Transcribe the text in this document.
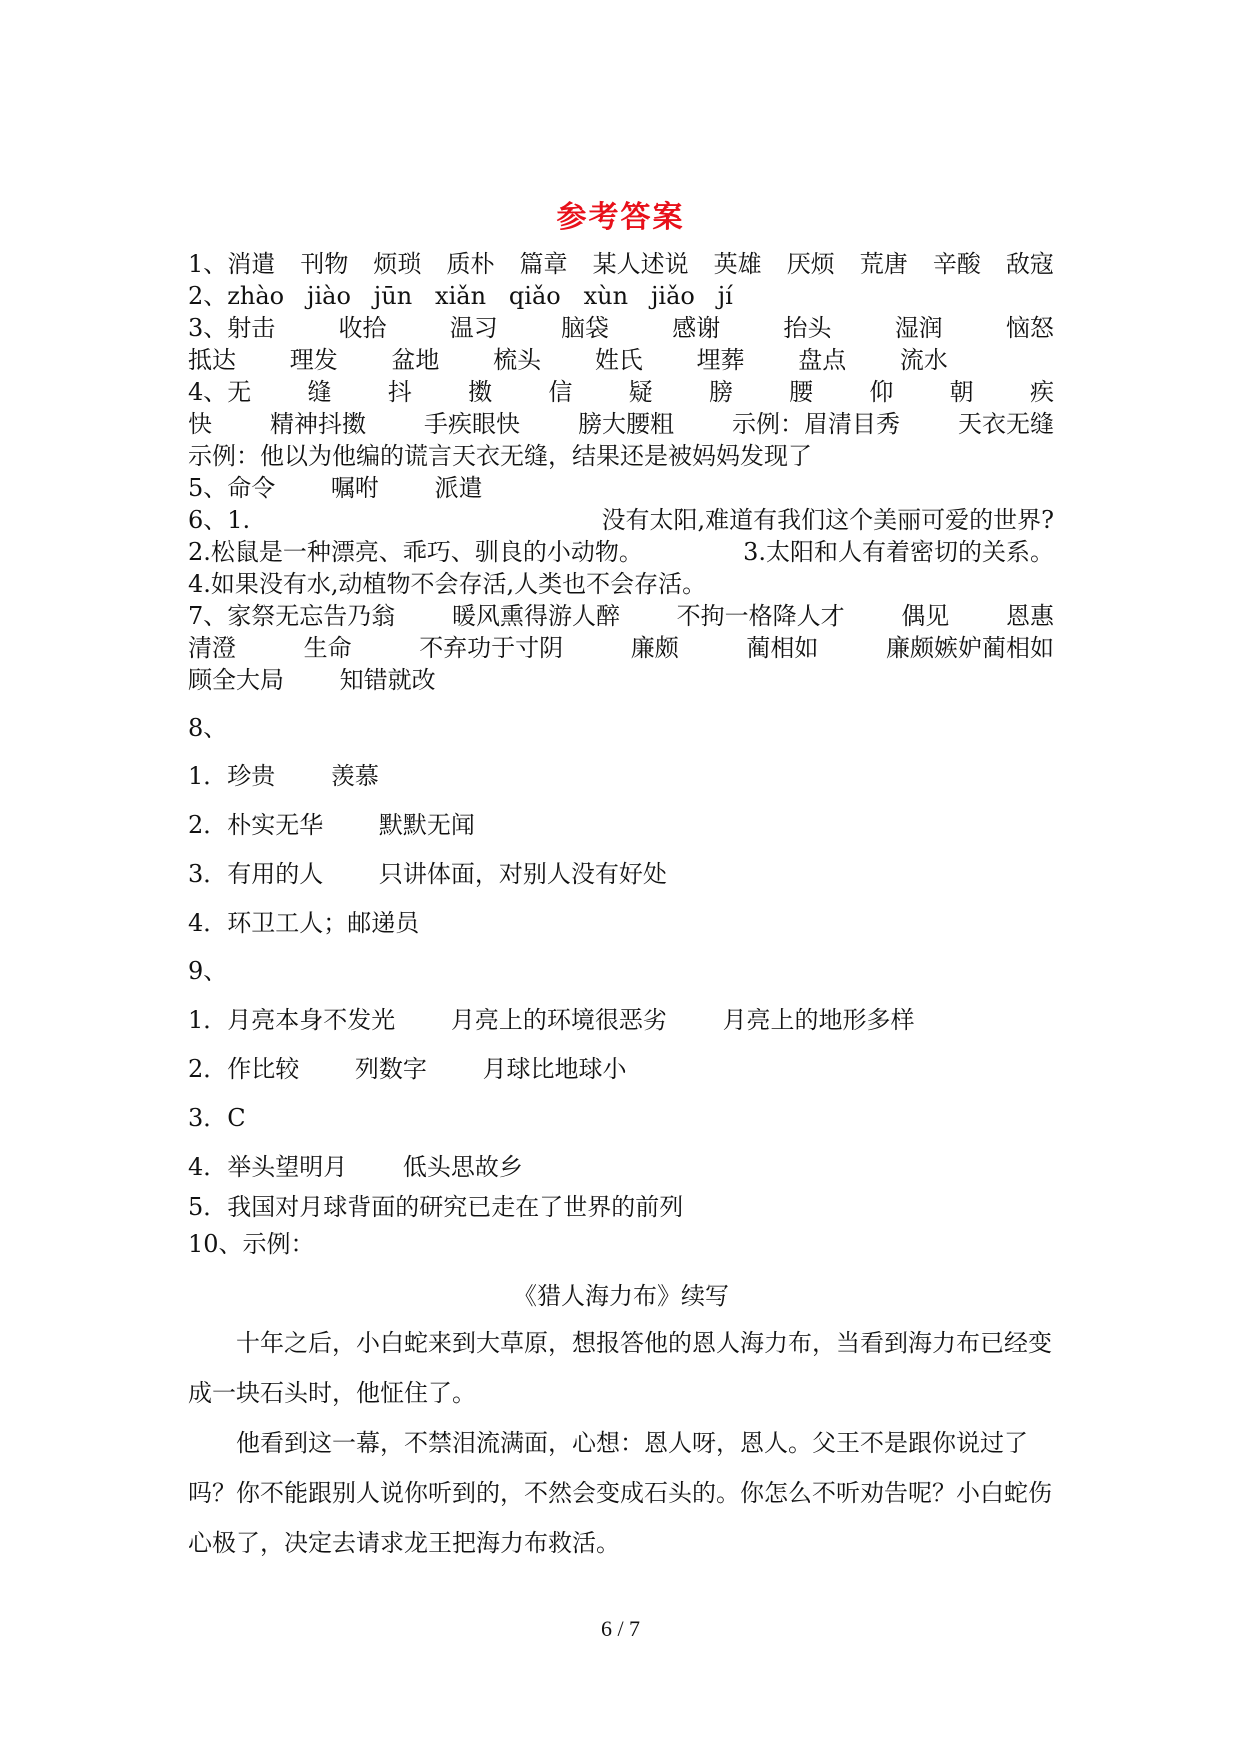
参考答案
1、消遣 刊物 烦琐 质朴 篇章 某人述说 英雄 厌烦 荒唐 辛酸 敌寇
2、zhào jiào jūn xiǎn qiǎo xùn jiǎo jí
3、射击	收拾	温习	脑袋	感谢	抬头	湿润	恼怒
抵达 理发 盆地 梳头 姓氏 埋葬 盘点 流水
4、无 缝 抖 擞 信 疑 膀 腰 仰 朝 疾
快 精神抖擞 手疾眼快 膀大腰粗 示例：眉清目秀 天衣无缝
示例：他以为他编的谎言天衣无缝，结果还是被妈妈发现了
5、命令 嘱咐 派遣
6、1.	没有太阳,难道有我们这个美丽可爱的世界?
2.松鼠是一种漂亮、乖巧、驯良的小动物。	3.太阳和人有着密切的关系。
4.如果没有水,动植物不会存活,人类也不会存活。
7、家祭无忘告乃翁 暖风熏得游人醉 不拘一格降人才 偶见 恩惠
清澄	生命	不弃功于寸阴	廉颇	蔺相如	廉颇嫉妒蔺相如
顾全大局 知错就改
8、
1．珍贵 羡慕
2．朴实无华 默默无闻
3．有用的人 只讲体面，对别人没有好处
4．环卫工人；邮递员
9、
1．月亮本身不发光 月亮上的环境很恶劣 月亮上的地形多样
2．作比较 列数字 月球比地球小
3．C
4．举头望明月 低头思故乡
5．我国对月球背面的研究已走在了世界的前列
10、示例：
《猎人海力布》续写
十年之后，小白蛇来到大草原，想报答他的恩人海力布，当看到海力布已经变成一块石头时，他怔住了。
他看到这一幕，不禁泪流满面，心想：恩人呀，恩人。父王不是跟你说过了吗？你不能跟别人说你听到的，不然会变成石头的。你怎么不听劝告呢？小白蛇伤心极了，决定去请求龙王把海力布救活。
6 / 7
